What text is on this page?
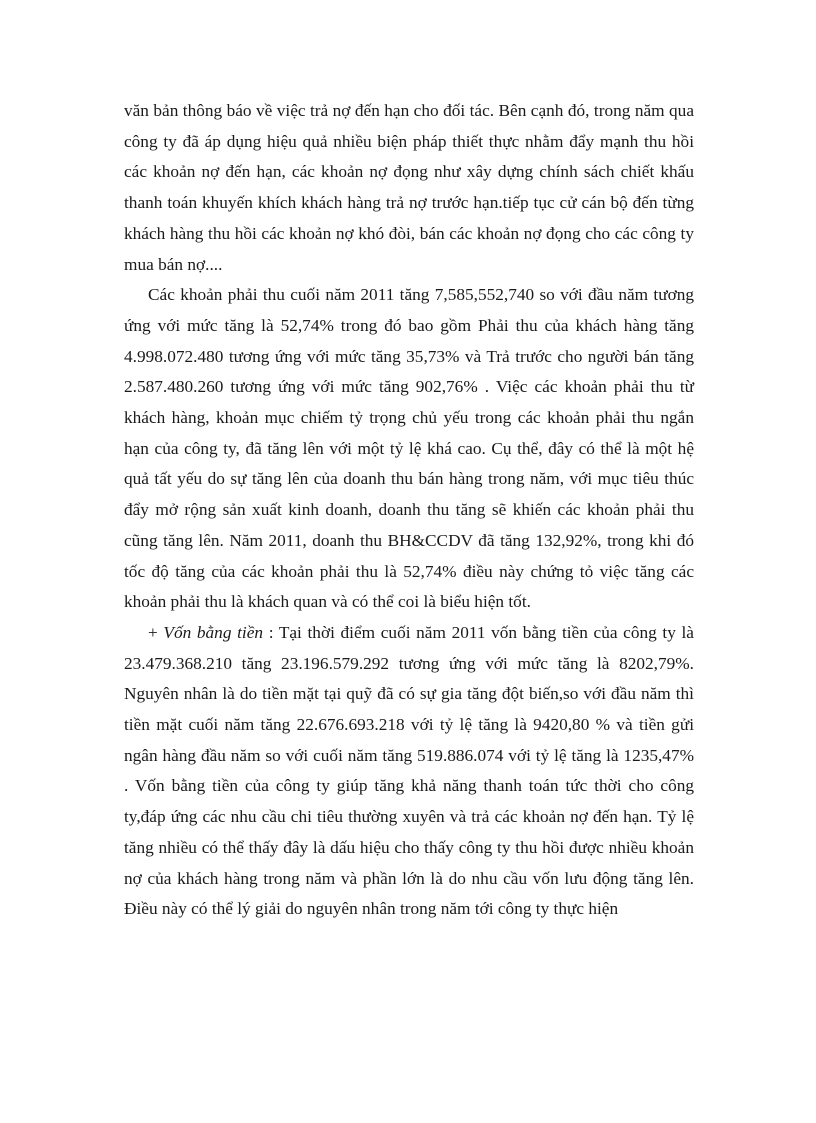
văn bản thông báo về việc trả nợ đến hạn cho đối tác. Bên cạnh đó, trong năm qua công ty đã áp dụng hiệu quả nhiều biện pháp thiết thực nhằm đẩy mạnh thu hồi các khoản nợ đến hạn, các khoản nợ đọng như xây dựng chính sách chiết khấu thanh toán khuyến khích khách hàng trả nợ trước hạn.tiếp tục cử cán bộ đến từng khách hàng thu hồi các khoản nợ khó đòi, bán các khoản nợ đọng cho các công ty mua bán nợ....

Các khoản phải thu cuối năm 2011 tăng 7,585,552,740 so với đầu năm tương ứng với mức tăng là 52,74% trong đó bao gồm Phải thu của khách hàng tăng 4.998.072.480 tương ứng với mức tăng 35,73% và Trả trước cho người bán tăng 2.587.480.260 tương ứng với mức tăng 902,76% . Việc các khoản phải thu từ khách hàng, khoản mục chiếm tỷ trọng chủ yếu trong các khoản phải thu ngắn hạn của công ty, đã tăng lên với một tỷ lệ khá cao. Cụ thể, đây có thể là một hệ quả tất yếu do sự tăng lên của doanh thu bán hàng trong năm, với mục tiêu thúc đẩy mở rộng sản xuất kinh doanh, doanh thu tăng sẽ khiến các khoản phải thu cũng tăng lên. Năm 2011, doanh thu BH&CCDV đã tăng 132,92%, trong khi đó tốc độ tăng của các khoản phải thu là 52,74% điều này chứng tỏ việc tăng các khoản phải thu là khách quan và có thể coi là biểu hiện tốt.

+ Vốn bằng tiền : Tại thời điểm cuối năm 2011 vốn bằng tiền của công ty là 23.479.368.210 tăng 23.196.579.292 tương ứng với mức tăng là 8202,79%. Nguyên nhân là do tiền mặt tại quỹ đã có sự gia tăng đột biến,so với đầu năm thì tiền mặt cuối năm tăng 22.676.693.218 với tỷ lệ tăng là 9420,80 % và tiền gửi ngân hàng đầu năm so với cuối năm tăng 519.886.074 với tỷ lệ tăng là 1235,47% . Vốn bằng tiền của công ty giúp tăng khả năng thanh toán tức thời cho công ty,đáp ứng các nhu cầu chi tiêu thường xuyên và trả các khoản nợ đến hạn. Tỷ lệ tăng nhiều có thể thấy đây là dấu hiệu cho thấy công ty thu hồi được nhiều khoản nợ của khách hàng trong năm và phần lớn là do nhu cầu vốn lưu động tăng lên. Điều này có thể lý giải do nguyên nhân trong năm tới công ty thực hiện
